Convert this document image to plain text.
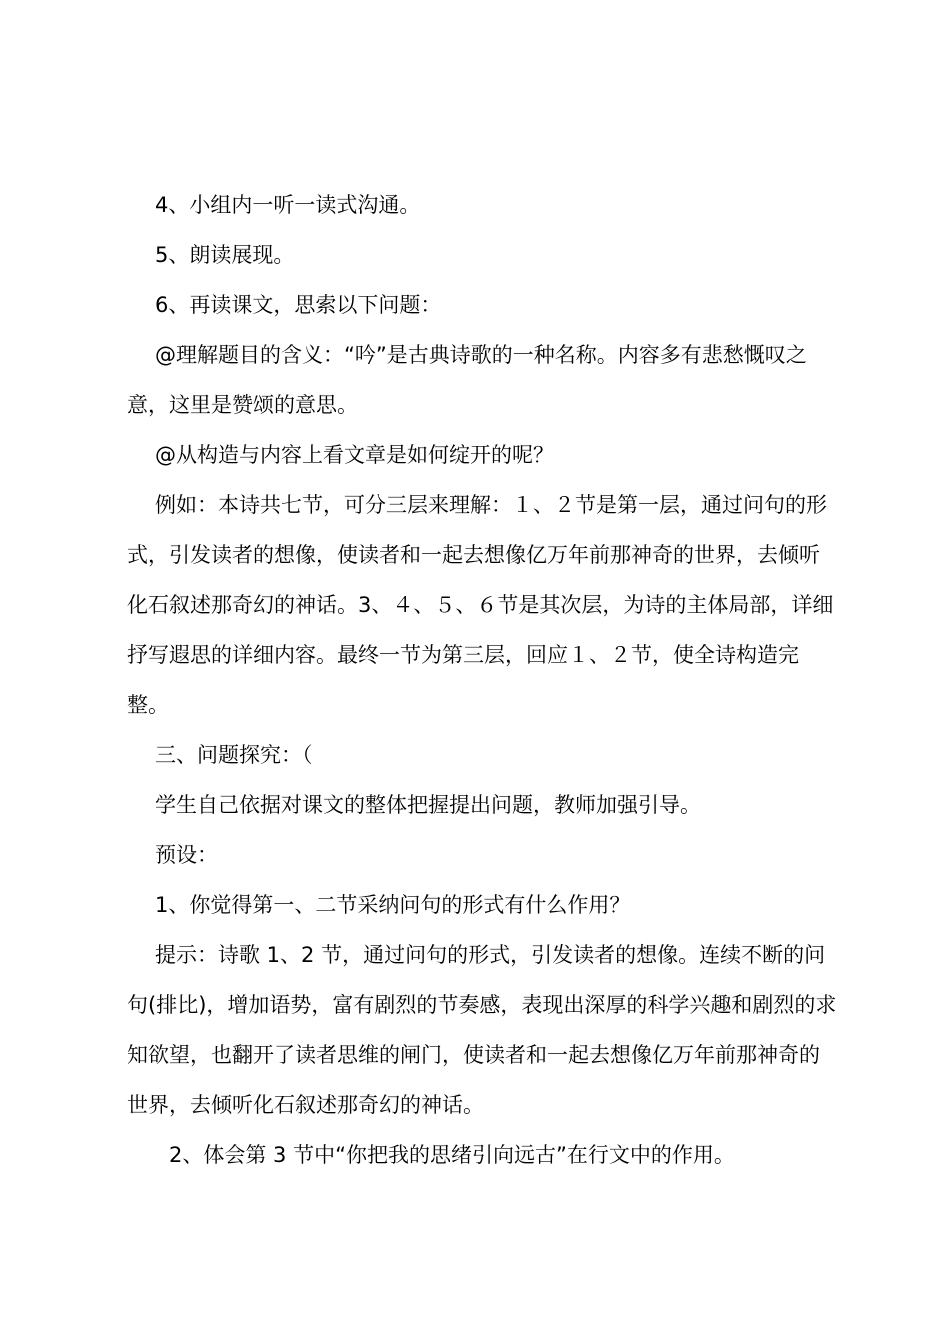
4、小组内一听一读式沟通。

5、朗读展现。

6、再读课文，思索以下问题：

@理解题目的含义：“吟”是古典诗歌的一种名称。内容多有悲愁慨叹之意，这里是赞颂的意思。

@从构造与内容上看文章是如何绽开的呢？

例如：本诗共七节，可分三层来理解：１、２节是第一层，通过问句的形式，引发读者的想像，使读者和一起去想像亿万年前那神奇的世界，去倾听化石叙述那奇幻的神话。3、４、５、６节是其次层，为诗的主体局部，详细抒写遐思的详细内容。最终一节为第三层，回应１、２节，使全诗构造完整。

三、问题探究：（

学生自己依据对课文的整体把握提出问题，教师加强引导。

预设：

1、你觉得第一、二节采纳问句的形式有什么作用？

提示：诗歌 1、2 节，通过问句的形式，引发读者的想像。连续不断的问句(排比)，增加语势，富有剧烈的节奏感，表现出深厚的科学兴趣和剧烈的求知欲望，也翻开了读者思维的闸门，使读者和一起去想像亿万年前那神奇的世界，去倾听化石叙述那奇幻的神话。

2、体会第 3 节中“你把我的思绪引向远古”在行文中的作用。
